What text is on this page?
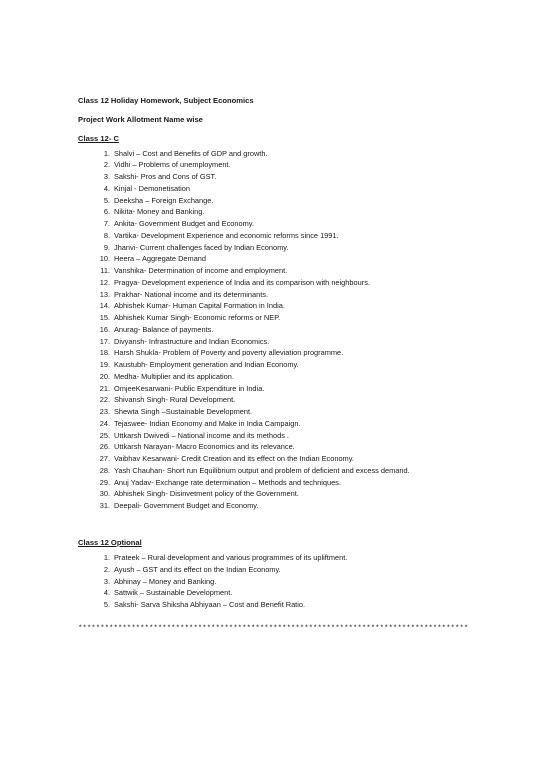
Class 12 Holiday Homework, Subject Economics
Project Work Allotment Name wise
Class 12- C
1. Shalvi – Cost and Benefits of GDP and growth.
2. Vidhi – Problems of unemployment.
3. Sakshi- Pros and Cons of GST.
4. Kinjal - Demonetisation
5. Deeksha – Foreign Exchange.
6. Nikita- Money and Banking.
7. Ankita- Government Budget and Economy.
8. Vartika- Development Experience and economic reforms since 1991.
9. Jhanvi- Current challenges faced by Indian Economy.
10. Heera – Aggregate Demand
11. Vanshika- Determination of income and employment.
12. Pragya- Development experience of India and its comparison with neighbours.
13. Prakhar- National income and its determinants.
14. Abhishek Kumar- Human Capital Formation in India.
15. Abhishek Kumar Singh- Economic reforms or NEP.
16. Anurag- Balance of payments.
17. Divyansh- Infrastructure and Indian Economics.
18. Harsh Shukla- Problem of Poverty and poverty alleviation programme.
19. Kaustubh- Employment generation and Indian Economy.
20. Medha- Multiplier and its application.
21. OmjeeKesarwani- Public Expenditure in India.
22. Shivansh Singh- Rural Development.
23. Shewta Singh –Sustainable Development.
24. Tejaswee- Indian Economy and Make in India Campaign.
25. Uttkarsh Dwivedi – National income and its methods .
26. Uttkarsh Narayan- Macro Economics and its relevance.
27. Vaibhav Kesarwani- Credit Creation and its effect on the Indian Economy.
28. Yash Chauhan- Short run Equilibrium output and problem of deficient and excess demand.
29. Anuj Yadav- Exchange rate determination – Methods and techniques.
30. Abhishek Singh- Disinvetment policy of the Government.
31. Deepali- Government Budget and Economy.
Class 12 Optional
1. Prateek – Rural development and various programmes of its upliftment.
2. Ayush – GST and its effect on the Indian Economy.
3. Abhinay – Money and Banking.
4. Sattwik – Sustainable Development.
5. Sakshi- Sarva Shiksha Abhiyaan – Cost and Benefit Ratio.
****************************************************************************************
